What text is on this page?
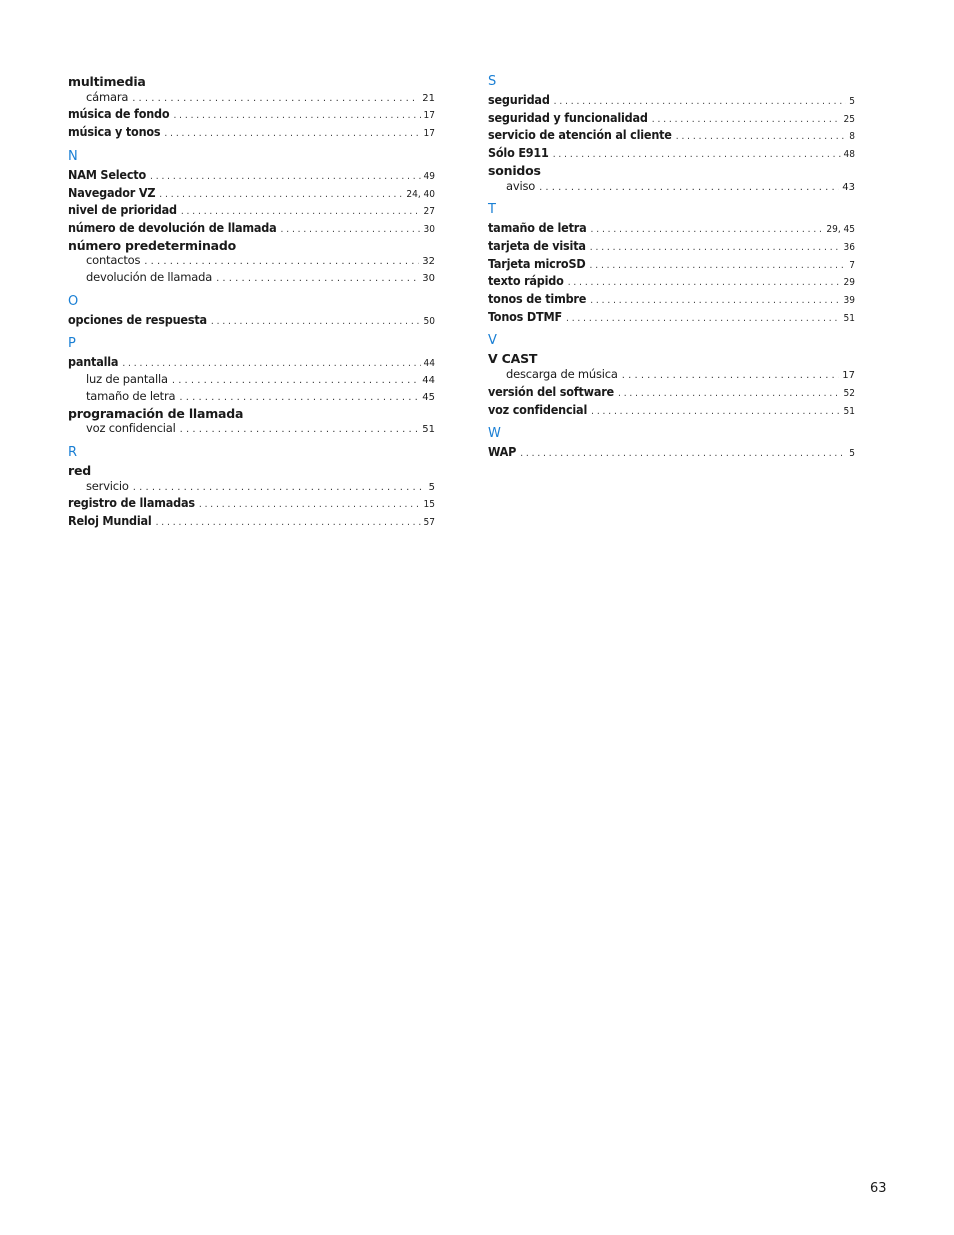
multimedia
cámara . . .	21
música de fondo . . .	17
música y tonos . . .	17
N
NAM Selecto . . .	49
Navegador VZ . . .	24, 40
nivel de prioridad . . .	27
número de devolución de llamada . . .	30
número predeterminado
contactos . . .	32
devolución de llamada . . .	30
O
opciones de respuesta . . .	50
P
pantalla . . .	44
luz de pantalla . . .	44
tamaño de letra . . .	45
programación de llamada
voz confidencial . . .	51
R
red
servicio . . .	5
registro de llamadas . . .	15
Reloj Mundial . . .	57
S
seguridad . . .	5
seguridad y funcionalidad . . .	25
servicio de atención al cliente . . .	8
Sólo E911 . . .	48
sonidos
aviso . . .	43
T
tamaño de letra . . .	29, 45
tarjeta de visita . . .	36
Tarjeta microSD . . .	7
texto rápido . . .	29
tonos de timbre . . .	39
Tonos DTMF . . .	51
V
V CAST
descarga de música . . .	17
versión del software . . .	52
voz confidencial . . .	51
W
WAP . . .	5
63
